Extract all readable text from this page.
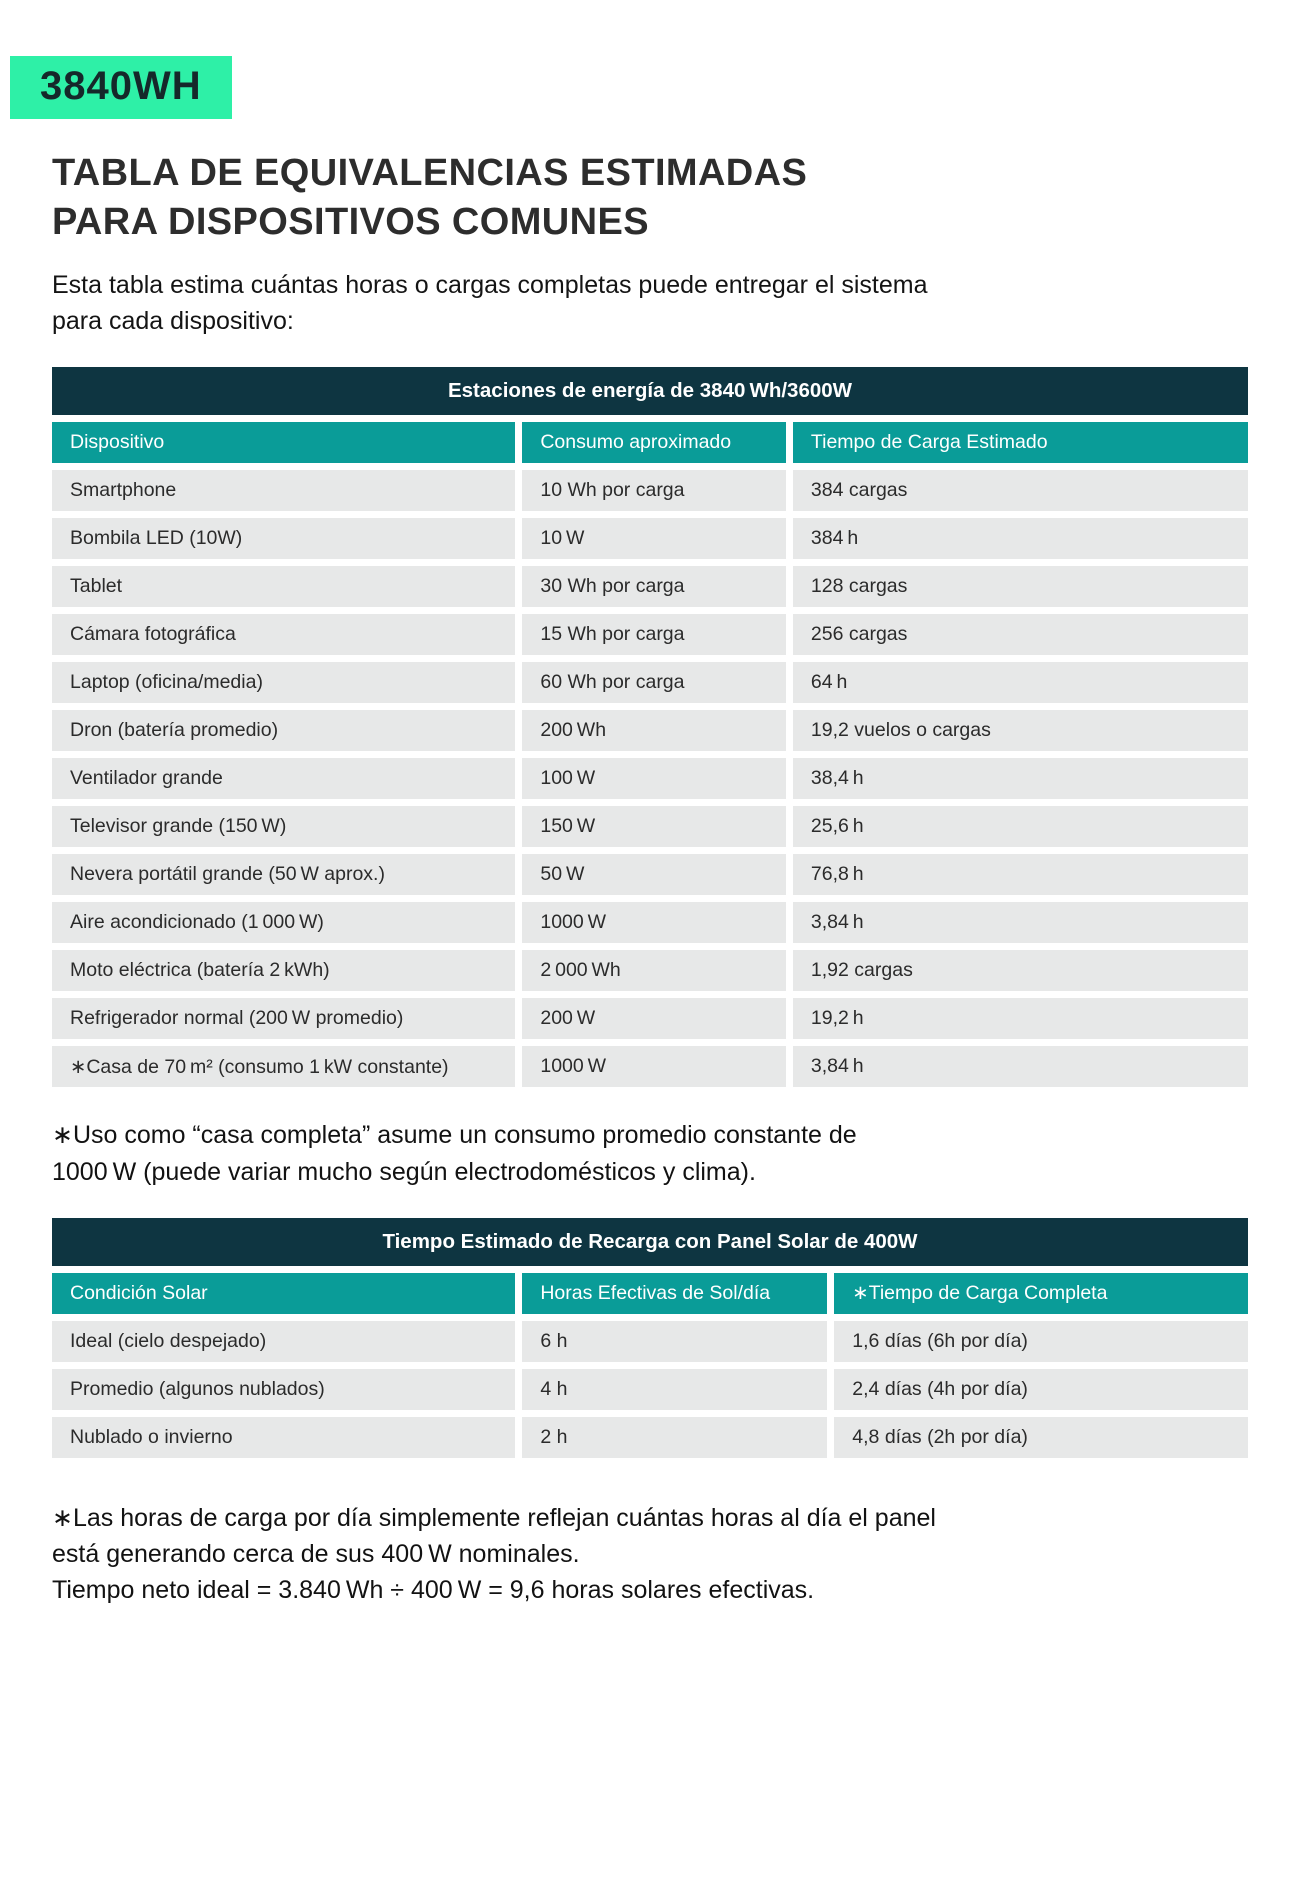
3840WH
TABLA DE EQUIVALENCIAS ESTIMADAS PARA DISPOSITIVOS COMUNES

Esta tabla estima cuántas horas o cargas completas puede entregar el sistema para cada dispositivo:

Estaciones de energía de 3840 Wh/3600W
Dispositivo	Consumo aproximado	Tiempo de Carga Estimado
Smartphone	10 Wh por carga	384 cargas
Bombila LED (10W)	10 W	384 h
Tablet	30 Wh por carga	128 cargas
Cámara fotográfica	15 Wh por carga	256 cargas
Laptop (oficina/media)	60 Wh por carga	64 h
Dron (batería promedio)	200 Wh	19,2 vuelos o cargas
Ventilador grande	100 W	38,4 h
Televisor grande (150 W)	150 W	25,6 h
Nevera portátil grande (50 W aprox.)	50 W	76,8 h
Aire acondicionado (1 000 W)	1000 W	3,84 h
Moto eléctrica (batería 2 kWh)	2 000 Wh	1,92 cargas
Refrigerador normal (200 W promedio)	200 W	19,2 h
∗Casa de 70 m² (consumo 1 kW constante)	1000 W	3,84 h
∗Uso como “casa completa” asume un consumo promedio constante de
1000 W (puede variar mucho según electrodomésticos y clima).
Tiempo Estimado de Recarga con Panel Solar de 400W
Condición Solar	Horas Efectivas de Sol/día	∗Tiempo de Carga Completa
Ideal (cielo despejado)	6 h	1,6 días (6h por día)
Promedio (algunos nublados)	4 h	2,4 días (4h por día)
Nublado o invierno	2 h	4,8 días (2h por día)
∗Las horas de carga por día simplemente reflejan cuántas horas al día el panel
está generando cerca de sus 400 W nominales.
Tiempo neto ideal = 3.840 Wh ÷ 400 W = 9,6 horas solares efectivas.
